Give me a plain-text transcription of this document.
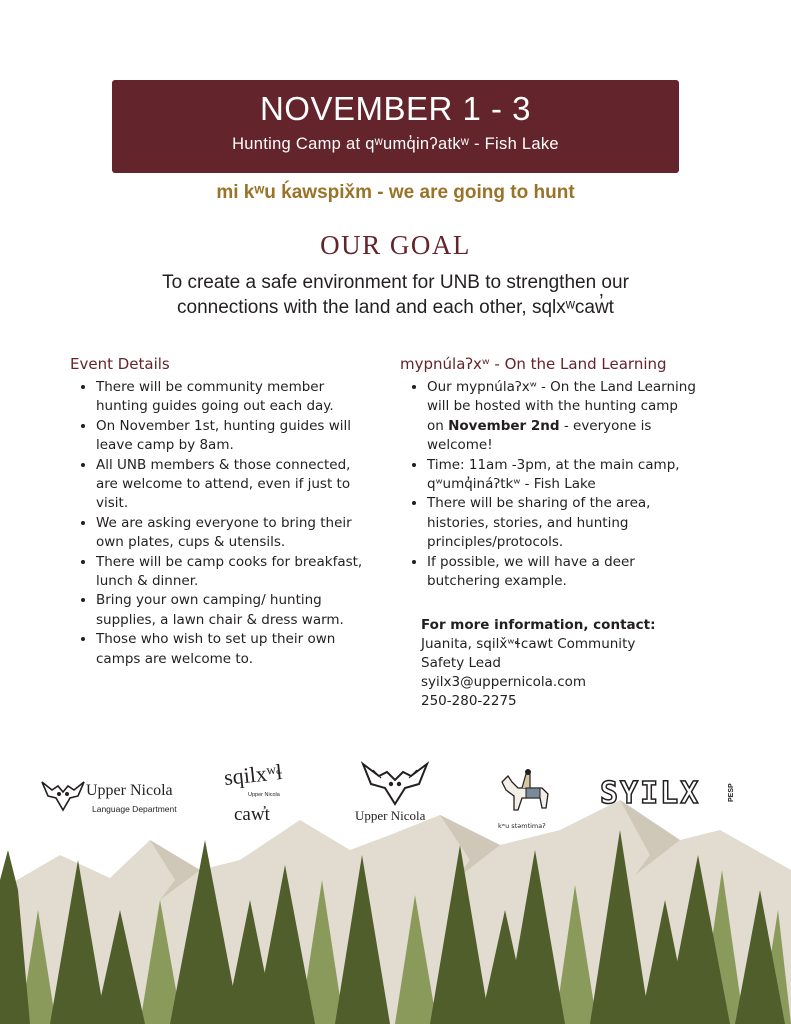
NOVEMBER 1 - 3
Hunting Camp at qʷumq̓inʔatkʷ - Fish Lake
mi kʷu ḱawspix̌m - we are going to hunt
OUR GOAL
To create a safe environment for UNB to strengthen our
connections with the land and each other, sqlxʷcaw̓t
Event Details
• There will be community member hunting guides going out each day.
• On November 1st, hunting guides will leave camp by 8am.
• All UNB members & those connected, are welcome to attend, even if just to visit.
• We are asking everyone to bring their own plates, cups & utensils.
• There will be camp cooks for breakfast, lunch & dinner.
• Bring your own camping/ hunting supplies, a lawn chair & dress warm.
• Those who wish to set up their own camps are welcome to.
mypnúlaʔxʷ - On the Land Learning
• Our mypnúlaʔxʷ - On the Land Learning will be hosted with the hunting camp on November 2nd - everyone is welcome!
• Time: 11am -3pm, at the main camp, qʷumq̓ináʔtkʷ - Fish Lake
• There will be sharing of the area, histories, stories, and hunting principles/protocols.
• If possible, we will have a deer butchering example.
For more information, contact:
Juanita, sqilx̌ʷɬcawt Community
Safety Lead
syilx3@uppernicola.com
250-280-2275
Upper Nicola
Language Department
sqilxʷɬ
Upper Nicola
caw̓t	Upper Nicola
kʷu stəmtimaʔ
SYILX	PESP
